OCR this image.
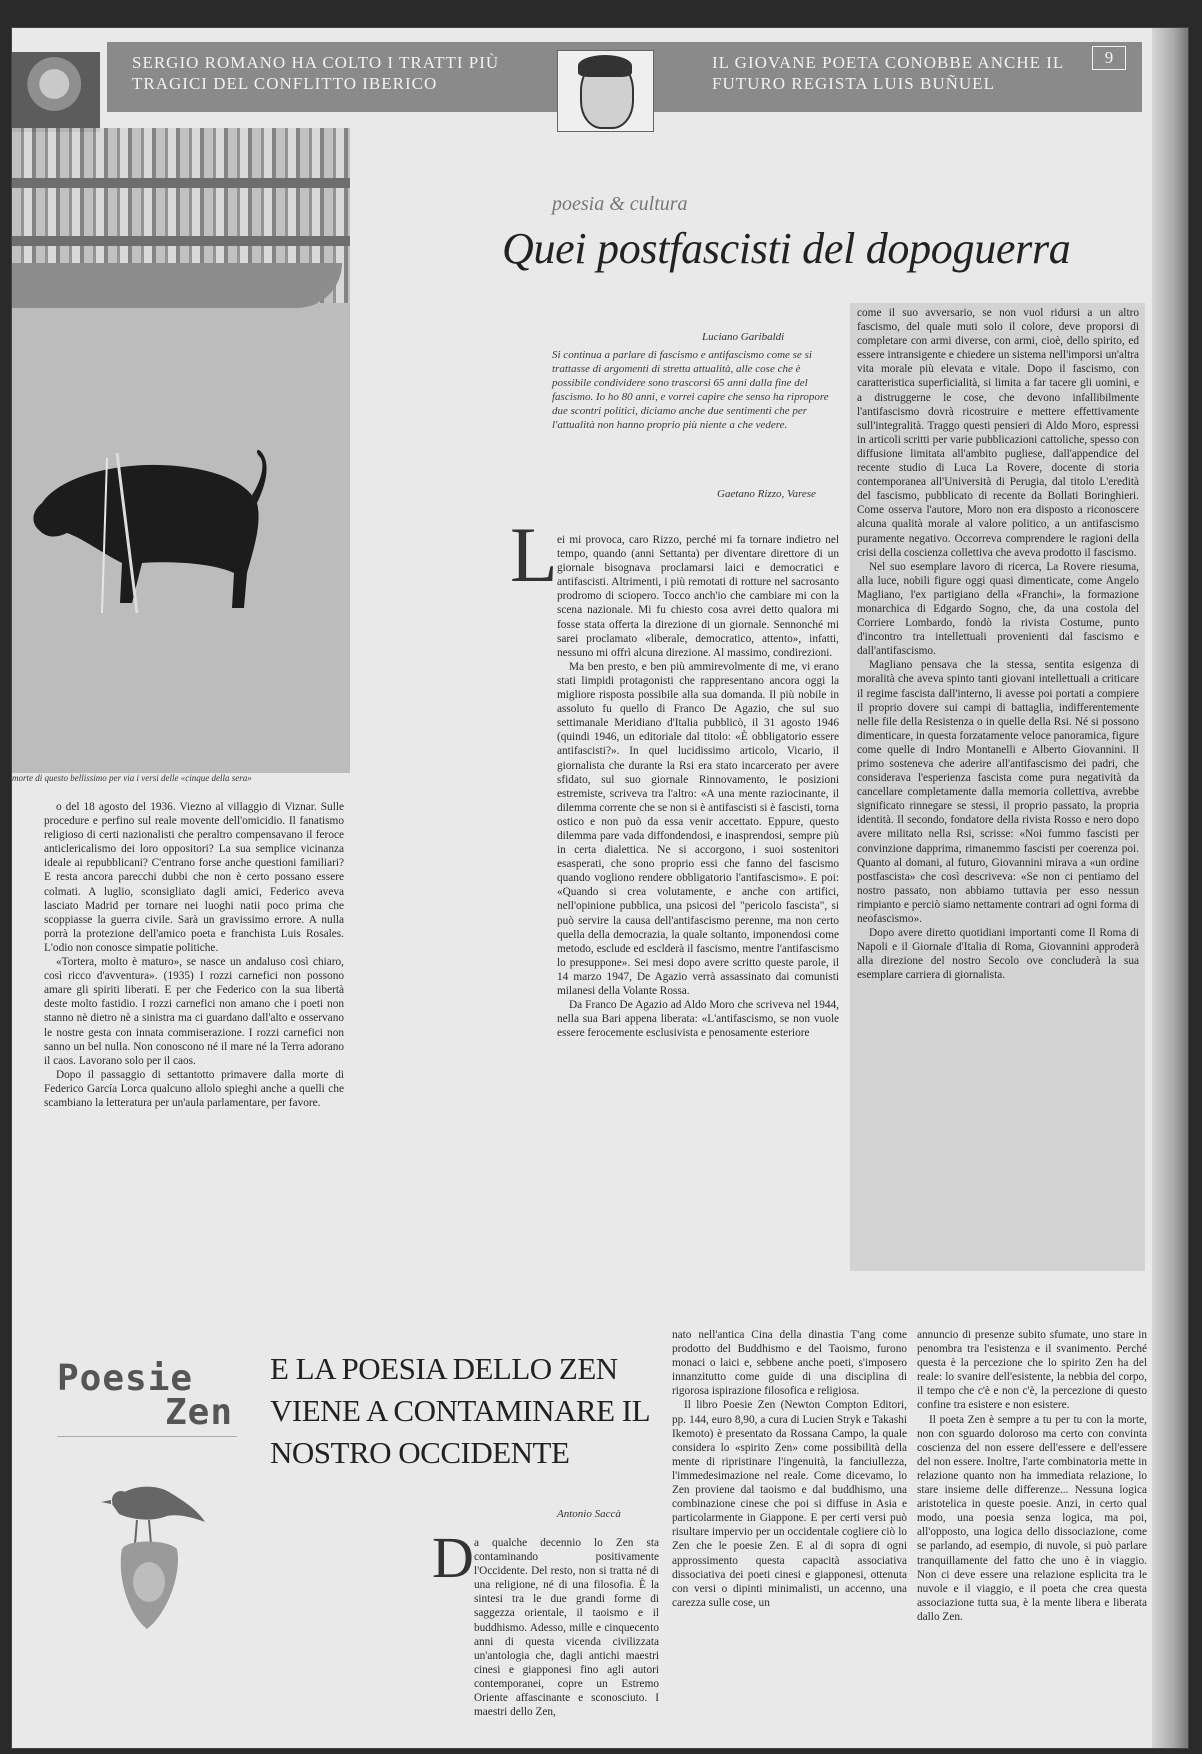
SERGIO ROMANO HA COLTO I TRATTI PIÙ TRAGICI DEL CONFLITTO IBERICO
IL GIOVANE POETA CONOBBE ANCHE IL FUTURO REGISTA LUIS BUÑUEL
9
morte di questo bellissimo per via i versi delle «cinque della sera»

o del 18 agosto del 1936. Viezno al villaggio di Viznar. Sulle procedure e perfino sul reale movente dell'omicidio. Il fanatismo religioso di certi nazionalisti che peraltro compensavano il feroce anticlericalismo dei loro oppositori? La sua semplice vicinanza ideale ai repubblicani? C'entrano forse anche questioni familiari? E resta ancora parecchi dubbi che non è certo possano essere colmati. A luglio, sconsigliato dagli amici, Federico aveva lasciato Madrid per tornare nei luoghi natii poco prima che scoppiasse la guerra civile. Sarà un gravissimo errore. A nulla porrà la protezione dell'amico poeta e franchista Luis Rosales. L'odio non conosce simpatie politiche.

«Tortera, molto è maturo», se nasce un andaluso così chiaro, così ricco d'avventura». (1935) I rozzi carnefici non possono amare gli spiriti liberati. E per che Federico con la sua libertà deste molto fastidio. I rozzi carnefici non amano che i poeti non stanno nè dietro nè a sinistra ma ci guardano dall'alto e osservano le nostre gesta con innata commiserazione. I rozzi carnefici non sanno un bel nulla. Non conoscono né il mare né la Terra adorano il caos. Lavorano solo per il caos.

Dopo il passaggio di settantotto primavere dalla morte di Federico García Lorca qualcuno allolo spieghi anche a quelli che scambiano la letteratura per un'aula parlamentare, per favore.

poesia & cultura
Quei postfascisti del dopoguerra
Luciano Garibaldi
Si continua a parlare di fascismo e antifascismo come se si trattasse di argomenti di stretta attualità, alle cose che è possibile condividere sono trascorsi 65 anni dalla fine del fascismo. Io ho 80 anni, e vorrei capire che senso ha ripropore due scontri politici, diciamo anche due sentimenti che per l'attualità non hanno proprio più niente a che vedere.
Gaetano Rizzo, Varese
L ei mi provoca, caro Rizzo, perché mi fa tornare indietro nel tempo, quando (anni Settanta) per diventare direttore di un giornale bisognava proclamarsi laici e democratici e antifascisti. Altrimenti, i più remotati di rotture nel sacrosanto prodromo di sciopero. Tocco anch'io che cambiare mi con la scena nazionale. Mi fu chiesto cosa avrei detto qualora mi fosse stata offerta la direzione di un giornale. Sennonché mi sarei proclamato «liberale, democratico, attento», infatti, nessuno mi offrì alcuna direzione. Al massimo, condirezioni.

Ma ben presto, e ben più ammirevolmente di me, vi erano stati limpidi protagonisti che rappresentano ancora oggi la migliore risposta possibile alla sua domanda. Il più nobile in assoluto fu quello di Franco De Agazio, che sul suo settimanale Meridiano d'Italia pubblicò, il 31 agosto 1946 (quindi 1946, un editoriale dal titolo: «È obbligatorio essere antifascisti?». In quel lucidissimo articolo, Vicario, il giornalista che durante la Rsi era stato incarcerato per avere sfidato, sul suo giornale Rinnovamento, le posizioni estremiste, scriveva tra l'altro: «A una mente raziocinante, il dilemma corrente che se non si è antifascisti si è fascisti, torna ostico e non può da essa venir accettato. Eppure, questo dilemma pare vada diffondendosi, e inasprendosi, sempre più in certa dialettica. Ne si accorgono, i suoi sostenitori esasperati, che sono proprio essi che fanno del fascismo quando vogliono rendere obbligatorio l'antifascismo». E poi: «Quando si crea volutamente, e anche con artifici, nell'opinione pubblica, una psicosi del "pericolo fascista", si può servire la causa dell'antifascismo perenne, ma non certo quella della democrazia, la quale soltanto, imponendosi come metodo, esclude ed esclderà il fascismo, mentre l'antifascismo lo presuppone». Sei mesi dopo avere scritto queste parole, il 14 marzo 1947, De Agazio verrà assassinato dai comunisti milanesi della Volante Rossa.

Da Franco De Agazio ad Aldo Moro che scriveva nel 1944, nella sua Bari appena liberata: «L'antifascismo, se non vuole essere ferocemente esclusivista e penosamente esteriore

come il suo avversario, se non vuol ridursi a un altro fascismo, del quale muti solo il colore, deve proporsi di completare con armi diverse, con armi, cioè, dello spirito, ed essere intransigente e chiedere un sistema nell'imporsi un'altra vita morale più elevata e vitale. Dopo il fascismo, con caratteristica superficialità, si limita a far tacere gli uomini, e a distruggerne le cose, che devono infallibilmente l'antifascismo dovrà ricostruire e mettere effettivamente sull'integralità. Traggo questi pensieri di Aldo Moro, espressi in articoli scritti per varie pubblicazioni cattoliche, spesso con diffusione limitata all'ambito pugliese, dall'appendice del recente studio di Luca La Rovere, docente di storia contemporanea all'Università di Perugia, dal titolo L'eredità del fascismo, pubblicato di recente da Bollati Boringhieri. Come osserva l'autore, Moro non era disposto a riconoscere alcuna qualità morale al valore politico, a un antifascismo puramente negativo. Occorreva comprendere le ragioni della crisi della coscienza collettiva che aveva prodotto il fascismo.

Nel suo esemplare lavoro di ricerca, La Rovere riesuma, alla luce, nobili figure oggi quasi dimenticate, come Angelo Magliano, l'ex partigiano della «Franchi», la formazione monarchica di Edgardo Sogno, che, da una costola del Corriere Lombardo, fondò la rivista Costume, punto d'incontro tra intellettuali provenienti dal fascismo e dall'antifascismo.

Magliano pensava che la stessa, sentita esigenza di moralità che aveva spinto tanti giovani intellettuali a criticare il regime fascista dall'interno, li avesse poi portati a compiere il proprio dovere sui campi di battaglia, indifferentemente nelle file della Resistenza o in quelle della Rsi. Né si possono dimenticare, in questa forzatamente veloce panoramica, figure come quelle di Indro Montanelli e Alberto Giovannini. Il primo sosteneva che aderire all'antifascismo dei padri, che considerava l'esperienza fascista come pura negatività da cancellare completamente dalla memoria collettiva, avrebbe significato rinnegare se stessi, il proprio passato, la propria identità. Il secondo, fondatore della rivista Rosso e nero dopo avere militato nella Rsi, scrisse: «Noi fummo fascisti per convinzione dapprima, rimanemmo fascisti per coerenza poi. Quanto al domani, al futuro, Giovannini mirava a «un ordine postfascista» che così descriveva: «Se non ci pentiamo del nostro passato, non abbiamo tuttavia per esso nessun rimpianto e perciò siamo nettamente contrari ad ogni forma di neofascismo».

Dopo avere diretto quotidiani importanti come Il Roma di Napoli e il Giornale d'Italia di Roma, Giovannini approderà alla direzione del nostro Secolo ove concluderà la sua esemplare carriera di giornalista.

Poesie
Zen
E LA POESIA DELLO ZEN VIENE A CONTAMINARE IL NOSTRO OCCIDENTE
Antonio Saccà
D a qualche decennio lo Zen sta contaminando positivamente l'Occidente. Del resto, non si tratta né di una religione, né di una filosofia. È la sintesi tra le due grandi forme di saggezza orientale, il taoismo e il buddhismo. Adesso, mille e cinquecento anni di questa vicenda civilizzata un'antologia che, dagli antichi maestri cinesi e giapponesi fino agli autori contemporanei, copre un Estremo Oriente affascinante e sconosciuto. I maestri dello Zen,

nato nell'antica Cina della dinastia T'ang come prodotto del Buddhismo e del Taoismo, furono monaci o laici e, sebbene anche poeti, s'imposero innanzitutto come guide di una disciplina di rigorosa ispirazione filosofica e religiosa.

Il libro Poesie Zen (Newton Compton Editori, pp. 144, euro 8,90, a cura di Lucien Stryk e Takashi Ikemoto) è presentato da Rossana Campo, la quale considera lo «spirito Zen» come possibilità della mente di ripristinare l'ingenuità, la fanciullezza, l'immedesimazione nel reale. Come dicevamo, lo Zen proviene dal taoismo e dal buddhismo, una combinazione cinese che poi si diffuse in Asia e particolarmente in Giappone. E per certi versi può risultare impervio per un occidentale cogliere ciò lo Zen che le poesie Zen. E al di sopra di ogni approssimento questa capacità associativa dissociativa dei poeti cinesi e giapponesi, ottenuta con versi o dipinti minimalisti, un accenno, una carezza sulle cose, un

annuncio di presenze subito sfumate, uno stare in penombra tra l'esistenza e il svanimento. Perché questa è la percezione che lo spirito Zen ha del reale: lo svanire dell'esistente, la nebbia del corpo, il tempo che c'è e non c'è, la percezione di questo confine tra esistere e non esistere.

Il poeta Zen è sempre a tu per tu con la morte, non con sguardo doloroso ma certo con convinta coscienza del non essere dell'essere e dell'essere del non essere. Inoltre, l'arte combinatoria mette in relazione quanto non ha immediata relazione, lo stare insieme delle differenze... Nessuna logica aristotelica in queste poesie. Anzi, in certo qual modo, una poesia senza logica, ma poi, all'opposto, una logica dello dissociazione, come se parlando, ad esempio, di nuvole, si può parlare tranquillamente del fatto che uno è in viaggio. Non ci deve essere una relazione esplicita tra le nuvole e il viaggio, e il poeta che crea questa associazione tutta sua, è la mente libera e liberata dallo Zen.
